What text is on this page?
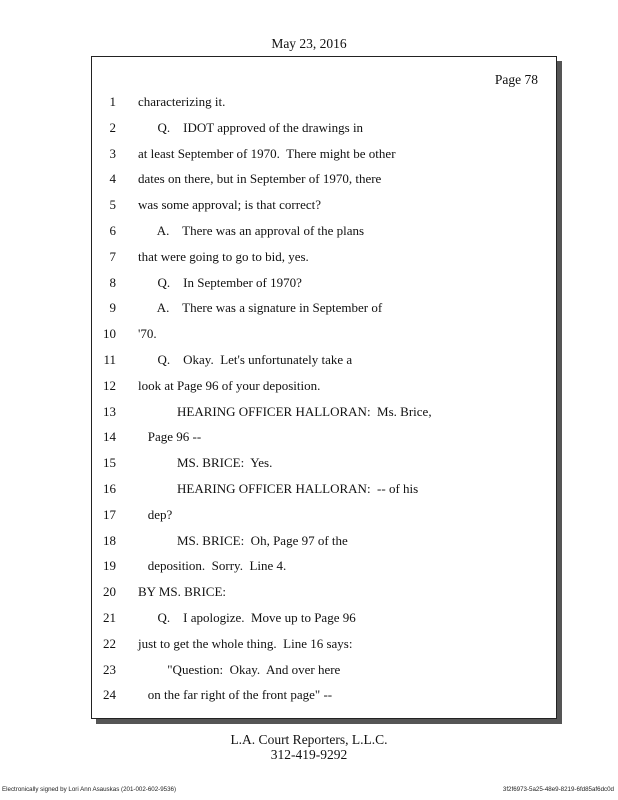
May 23, 2016
Page 78
1 characterizing it.
2 Q.    IDOT approved of the drawings in
3 at least September of 1970.  There might be other
4 dates on there, but in September of 1970, there
5 was some approval; is that correct?
6 A.    There was an approval of the plans
7 that were going to go to bid, yes.
8 Q.    In September of 1970?
9 A.    There was a signature in September of
10 '70.
11 Q.    Okay.  Let's unfortunately take a
12 look at Page 96 of your deposition.
13 HEARING OFFICER HALLORAN:  Ms. Brice,
14 Page 96 --
15 MS. BRICE:  Yes.
16 HEARING OFFICER HALLORAN:  -- of his
17 dep?
18 MS. BRICE:  Oh, Page 97 of the
19 deposition.  Sorry.  Line 4.
20 BY MS. BRICE:
21 Q.    I apologize.  Move up to Page 96
22 just to get the whole thing.  Line 16 says:
23 "Question:  Okay.  And over here
24 on the far right of the front page" --
L.A. Court Reporters, L.L.C.
312-419-9292
Electronically signed by Lori Ann Asauskas (201-002-602-9536)	3f2f6973-5a25-48e9-8219-6fd85af6dc0d
